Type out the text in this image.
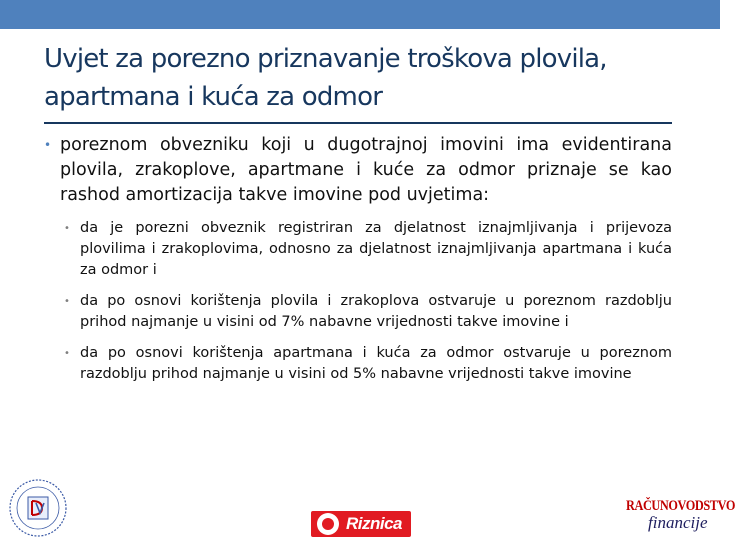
Uvjet za porezno priznavanje troškova plovila, apartmana i kuća za odmor
• poreznom obvezniku koji u dugotrajnoj imovini ima evidentirana plovila, zrakoplove, apartmane i kuće za odmor priznaje se kao rashod amortizacija takve imovine pod uvjetima:
• da je porezni obveznik registriran za djelatnost iznajmljivanja i prijevoza plovilima i zrakoplovima, odnosno za djelatnost iznajmljivanja apartmana i kuća za odmor i
• da po osnovi korištenja plovila i zrakoplova ostvaruje u poreznom razdoblju prihod najmanje u visini od 7% nabavne vrijednosti takve imovine i
• da po osnovi korištenja apartmana i kuća za odmor ostvaruje u poreznom razdoblju prihod najmanje u visini od 5% nabavne vrijednosti takve imovine
Riznica
RAČUNOVODSTVO
financije
